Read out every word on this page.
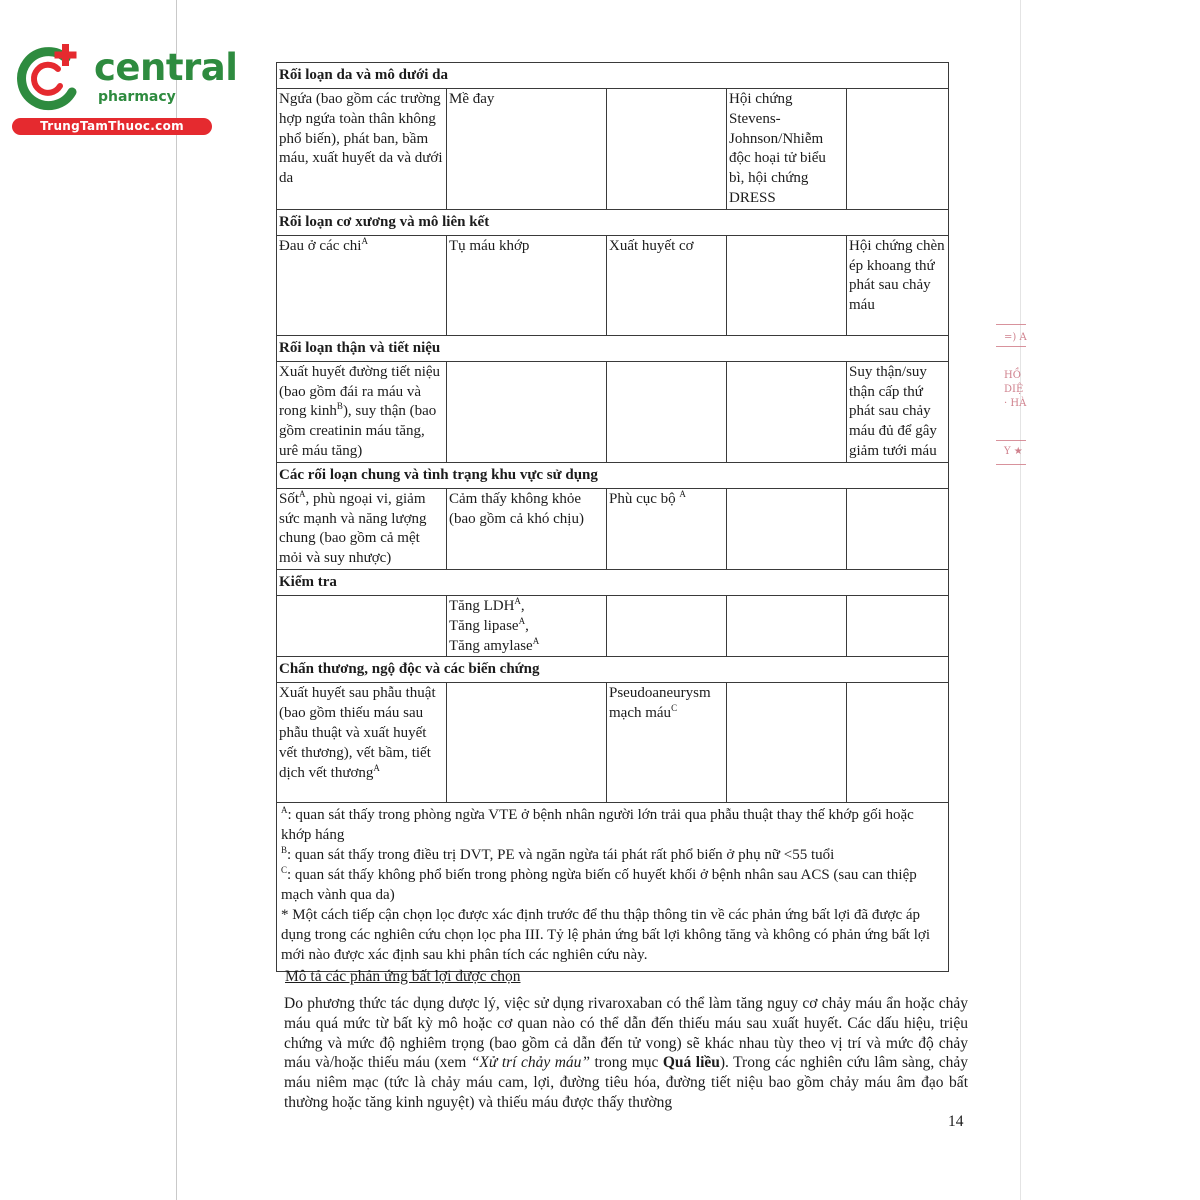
central
pharmacy
TrungTamThuoc.com
=) A
HỒ
DIỆ
· HÀ
Y ★
Rối loạn da và mô dưới da				
Ngứa (bao gồm các trường hợp ngứa toàn thân không phổ biến), phát ban, bầm máu, xuất huyết da và dưới da	Mề đay		Hội chứng Stevens-Johnson/Nhiễm độc hoại tử biểu bì, hội chứng DRESS	
Rối loạn cơ xương và mô liên kết				
Đau ở các chi$^A$	Tụ máu khớp	Xuất huyết cơ		Hội chứng chèn ép khoang thứ phát sau chảy máu
Rối loạn thận và tiết niệu				
Xuất huyết đường tiết niệu (bao gồm đái ra máu và rong kinh$^B$), suy thận (bao gồm creatinin máu tăng, urê máu tăng)				Suy thận/suy thận cấp thứ phát sau chảy máu đủ để gây giảm tưới máu
Các rối loạn chung và tình trạng khu vực sử dụng				
Sốt$^A$, phù ngoại vi, giảm sức mạnh và năng lượng chung (bao gồm cả mệt mỏi và suy nhược)	Cảm thấy không khỏe (bao gồm cả khó chịu)	Phù cục bộ $^A$		
Kiểm tra				

	Tăng $LDH^A$,
Tăng lipase$^A$,
Tăng amylase$^A$

Chấn thương, ngộ độc và các biến chứng				
Xuất huyết sau phẫu thuật (bao gồm thiếu máu sau phẫu thuật và xuất huyết vết thương), vết bầm, tiết dịch vết thương$^A$		Pseudoaneurysm mạch máu$^C$		

$^A$: quan sát thấy trong phòng ngừa VTE ở bệnh nhân người lớn trải qua phẫu thuật thay thế khớp gối hoặc khớp háng
$^B$: quan sát thấy trong điều trị DVT, PE và ngăn ngừa tái phát rất phổ biến ở phụ nữ <55 tuổi
$^C$: quan sát thấy không phổ biến trong phòng ngừa biến cố huyết khối ở bệnh nhân sau ACS (sau can thiệp mạch vành qua da)
* Một cách tiếp cận chọn lọc được xác định trước để thu thập thông tin về các phản ứng bất lợi đã được áp dụng trong các nghiên cứu chọn lọc pha III. Tỷ lệ phản ứng bất lợi không tăng và không có phản ứng bất lợi mới nào được xác định sau khi phân tích các nghiên cứu này.				
Mô tả các phản ứng bất lợi được chọn
Do phương thức tác dụng dược lý, việc sử dụng rivaroxaban có thể làm tăng nguy cơ chảy máu ẩn hoặc chảy máu quá mức từ bất kỳ mô hoặc cơ quan nào có thể dẫn đến thiếu máu sau xuất huyết. Các dấu hiệu, triệu chứng và mức độ nghiêm trọng (bao gồm cả dẫn đến tử vong) sẽ khác nhau tùy theo vị trí và mức độ chảy máu và/hoặc thiếu máu (xem “Xử trí chảy máu” trong mục Quá liều). Trong các nghiên cứu lâm sàng, chảy máu niêm mạc (tức là chảy máu cam, lợi, đường tiêu hóa, đường tiết niệu bao gồm chảy máu âm đạo bất thường hoặc tăng kinh nguyệt) và thiếu máu được thấy thường
14
